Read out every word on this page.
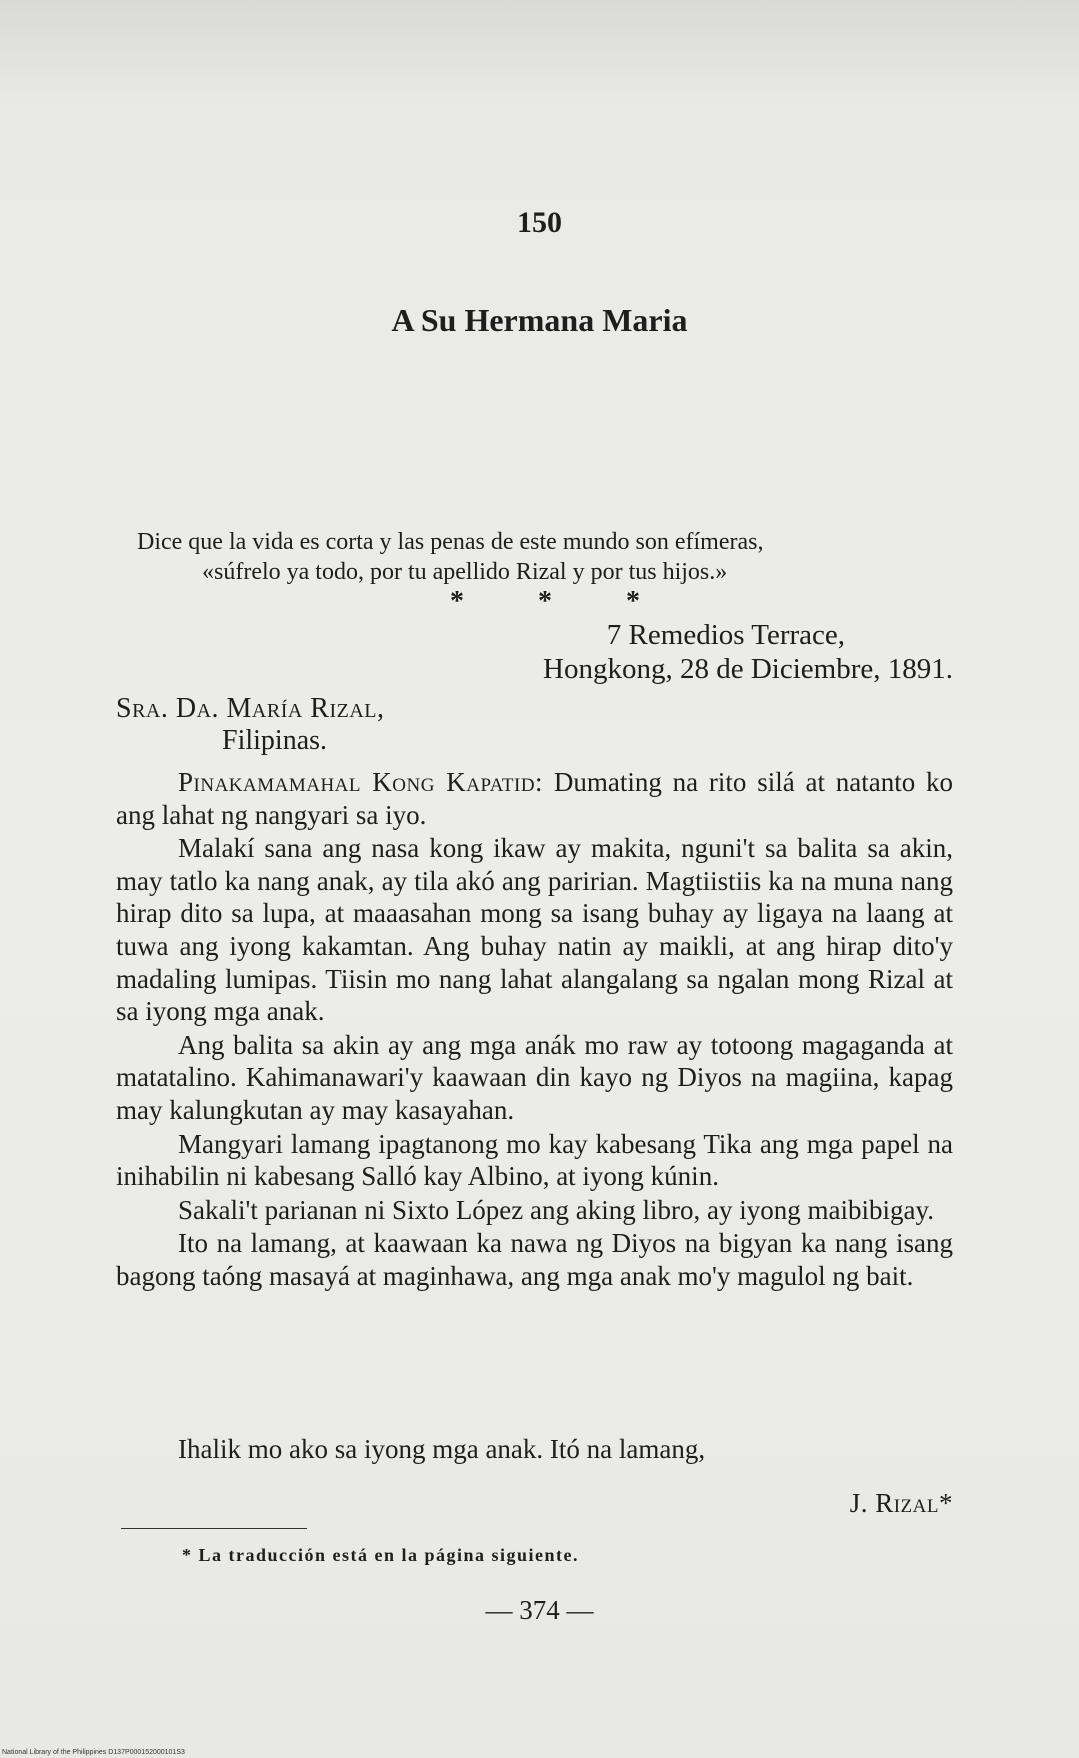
150
A Su Hermana Maria
Dice que la vida es corta y las penas de este mundo son efímeras,
«súfrelo ya todo, por tu apellido Rizal y por tus hijos.»
*	*	*
7 Remedios Terrace,
Hongkong, 28 de Diciembre, 1891.
Sra. Da. María Rizal,
Filipinas.

Pinakamamahal Kong Kapatid: Dumating na rito silá at natanto ko ang lahat ng nangyari sa iyo.

Malakí sana ang nasa kong ikaw ay makita, nguni't sa balita sa akin, may tatlo ka nang anak, ay tila akó ang paririan. Magtiistiis ka na muna nang hirap dito sa lupa, at maaasahan mong sa isang buhay ay ligaya na laang at tuwa ang iyong kakamtan. Ang buhay natin ay maikli, at ang hirap dito'y madaling lumipas. Tiisin mo nang lahat alangalang sa ngalan mong Rizal at sa iyong mga anak.

Ang balita sa akin ay ang mga anák mo raw ay totoong magaganda at matatalino. Kahimanawari'y kaawaan din kayo ng Diyos na magiina, kapag may kalungkutan ay may kasayahan.

Mangyari lamang ipagtanong mo kay kabesang Tika ang mga papel na inihabilin ni kabesang Salló kay Albino, at iyong kúnin.

Sakali't parianan ni Sixto López ang aking libro, ay iyong maibibigay.

Ito na lamang, at kaawaan ka nawa ng Diyos na bigyan ka nang isang bagong taóng masayá at maginhawa, ang mga anak mo'y magulol ng bait.

Ihalik mo ako sa iyong mga anak. Itó na lamang,
J. Rizal*
* La traducción está en la página siguiente.
— 374 —
National Library of the Philippines D137P000152000101S3
